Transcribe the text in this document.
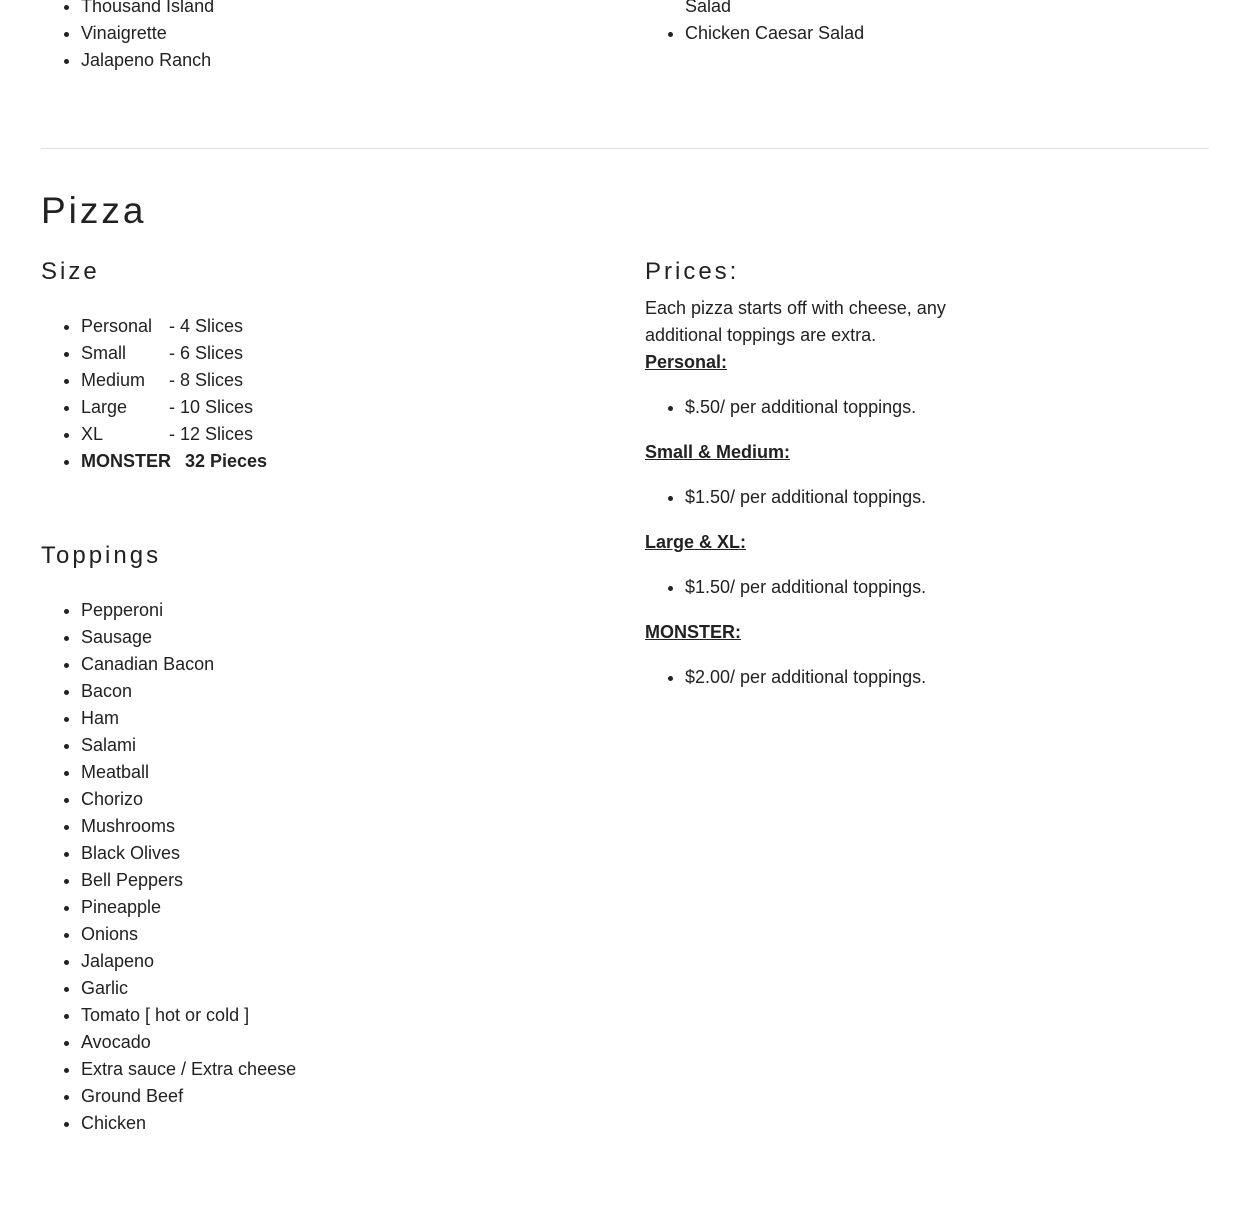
• Thousand Island
• Vinaigrette
• Jalapeno Ranch
Salad
• Chicken Caesar Salad
Pizza
Size
• Personal - 4 Slices
• Small - 6 Slices
• Medium - 8 Slices
• Large - 10 Slices
• XL	- 12 Slices
• MONSTER 32 Pieces
Toppings
• Pepperoni
• Sausage
• Canadian Bacon
• Bacon
• Ham
• Salami
• Meatball
• Chorizo
• Mushrooms
• Black Olives
• Bell Peppers
• Pineapple
• Onions
• Jalapeno
• Garlic
• Tomato [ hot or cold ]
• Avocado
• Extra sauce / Extra cheese
• Ground Beef
• Chicken
Prices:

Each pizza starts off with cheese, any additional toppings are extra.

Personal:
• $.50/ per additional toppings.
Small & Medium:
• $1.50/ per additional toppings.
Large & XL:
• $1.50/ per additional toppings.
MONSTER:
• $2.00/ per additional toppings.
